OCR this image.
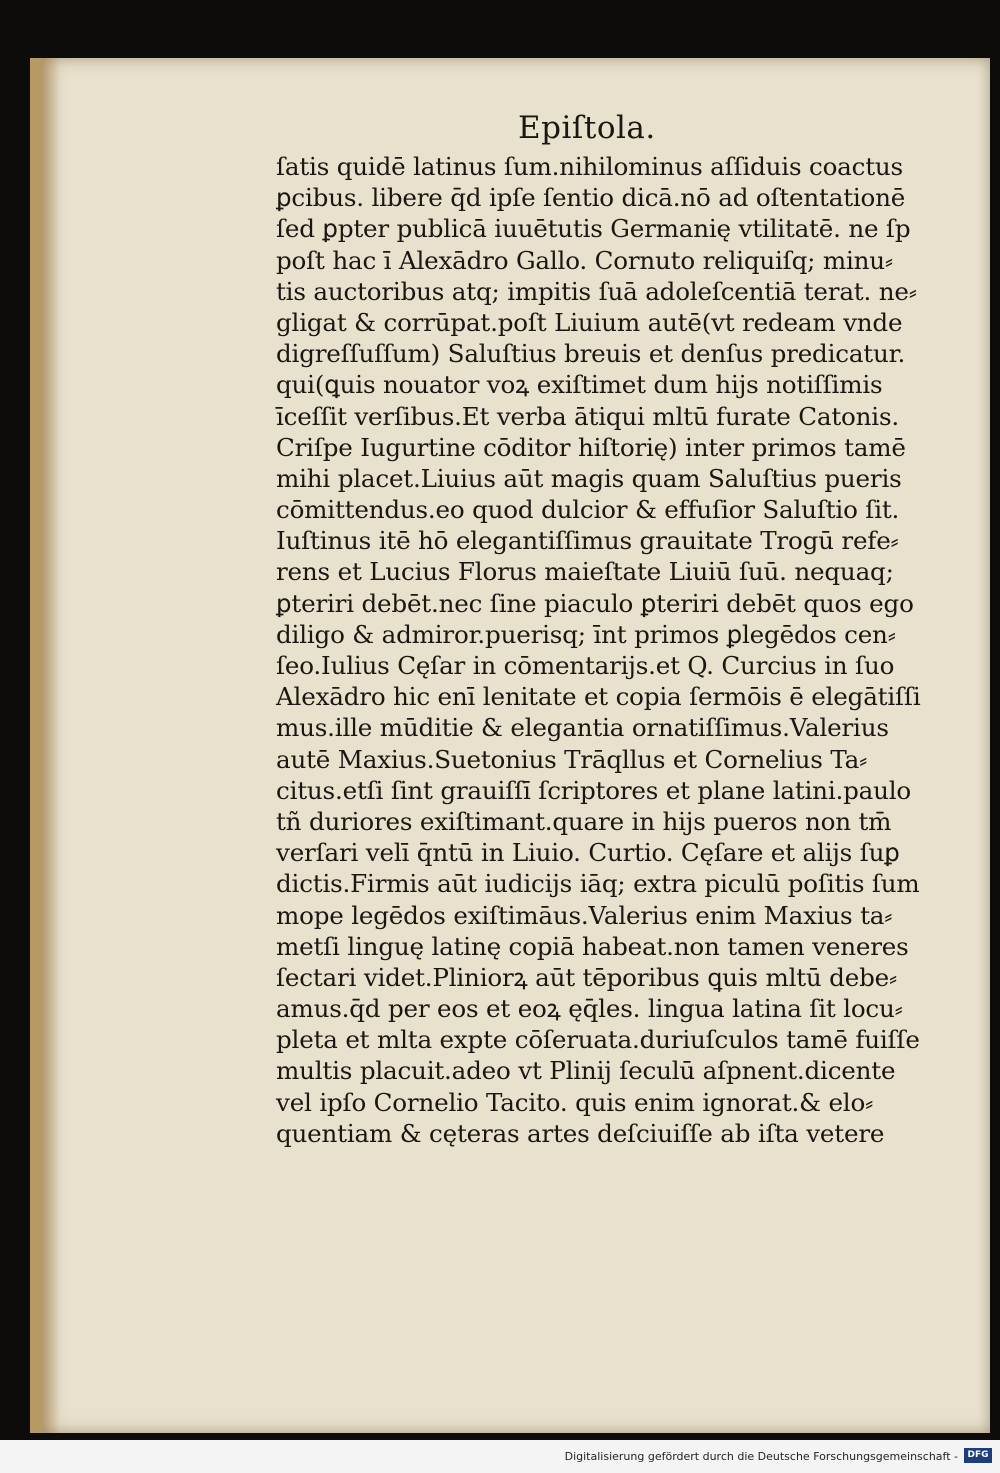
Epiſtola.
ſatis quidē latinus ſum.nihilominus aſſiduis coactus
ꝑcibus. libere q̄d ipſe ſentio dicā.nō ad oſtentationē
ſed ꝑpter publicā iuuētutis Germanię vtilitatē. ne ſp
poſt hac ī Alexādro Gallo. Cornuto reliquiſq; minu⸗
tis auctoribus atq; impitis ſuā adoleſcentiā terat. ne⸗
gligat & corrūpat.poſt Liuium autē(vt redeam vnde
digreſſuſſum) Saluſtius breuis et denſus predicatur.
qui(ꝗuis nouator voꝝ exiſtimet dum hijs notiſſimis
īceſſit verſibus.Et verba ātiqui mltū furate Catonis.
Criſpe Iugurtine cōditor hiſtorię) inter primos tamē
mihi placet.Liuius aūt magis quam Saluſtius pueris
cōmittendus.eo quod dulcior & effuſior Saluſtio ſit.
Iuſtinus itē hō elegantiſſimus grauitate Trogū refe⸗
rens et Lucius Florus maieſtate Liuiū ſuū. nequaq;
ꝑteriri debēt.nec ſine piaculo ꝑteriri debēt quos ego
diligo & admiror.puerisq; īnt primos ꝑlegēdos cen⸗
ſeo.Iulius Cęſar in cōmentarijs.et Q. Curcius in ſuo
Alexādro hic enī lenitate et copia ſermōis ē elegātiſſi
mus.ille mūditie & elegantia ornatiſſimus.Valerius
autē Maxius.Suetonius Trāqllus et Cornelius Ta⸗
citus.etſi ſint grauiſſī ſcriptores et plane latini.paulo
tñ duriores exiſtimant.quare in hijs pueros non tm̄
verſari velī q̄ntū in Liuio. Curtio. Cęſare et alijs ſuꝑ
dictis.Firmis aūt iudicijs iāq; extra piculū poſitis ſum
mope legēdos exiſtimāus.Valerius enim Maxius ta⸗
metſi linguę latinę copiā habeat.non tamen veneres
ſectari videt.Pliniorꝝ aūt tēporibus ꝗuis mltū debe⸗
amus.q̄d per eos et eoꝝ ęq̄les. lingua latina ſit locu⸗
pleta et mlta expte cōſeruata.duriuſculos tamē fuiſſe
multis placuit.adeo vt Plinij ſeculū aſpnent.dicente
vel ipſo Cornelio Tacito. quis enim ignorat.& elo⸗
quentiam & cęteras artes deſciuiſſe ab iſta vetere
Digitalisierung gefördert durch die Deutsche Forschungsgemeinschaft -	DFG
